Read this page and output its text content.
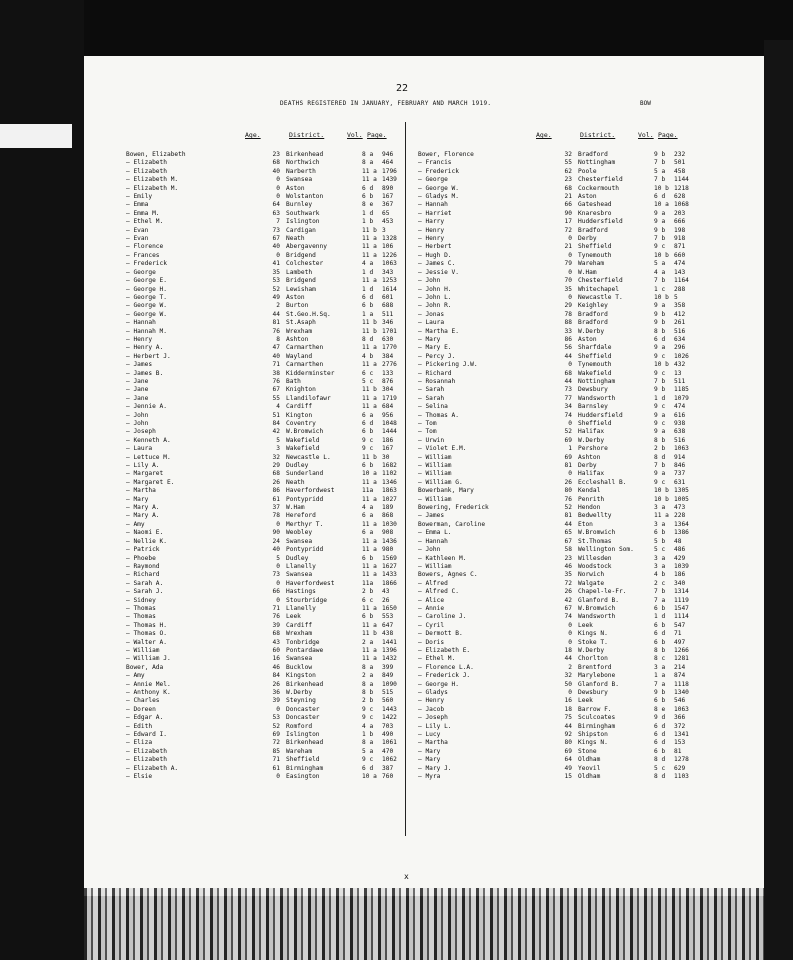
22
DEATHS REGISTERED IN JANUARY, FEBRUARY AND MARCH 1919.	BOW
Age.	District.	Vol. Page.	Age.	District.	Vol. Page.
Bowen, Elizabeth	23 Birkenhead	8 a	946
— Elizabeth	68 Northwich	8 a	464
— Elizabeth	40 Narberth	11 a 1796
— Elizabeth M.	0 Swansea	11 a 1439
— Elizabeth M.	0 Aston	6 d	890
— Emily	0 Wolstanton	6 b	167
— Emma	64 Burnley	8 e	367
— Emma M.	63 Southwark	1 d	65
— Ethel M.	7 Islington	1 b	453
— Evan	73 Cardigan	11 b 3
— Evan	67 Neath	11 a 1328
— Florence	40 Abergavenny	11 a 106
— Frances	0 Bridgend	11 a 1226
— Frederick	41 Colchester	4 a	1063
— George	35 Lambeth	1 d	343
— George E.	53 Bridgend	11 a 1253
— George H.	52 Lewisham	1 d	1614
— George T.	49 Aston	6 d	601
— George W.	2 Burton	6 b	688
— George W.	44 St.Geo.H.Sq.	1 a	511
— Hannah	81 St.Asaph	11 b 346
— Hannah M.	76 Wrexham	11 b 1701
— Henry	8 Ashton	8 d	630
— Henry A.	47 Carmarthen	11 a 1770
— Herbert J.	40 Wayland	4 b	384
— James	71 Carmarthen	11 a 2776
— James B.	38 Kidderminster	6 c	133
— Jane	76 Bath	5 c	876
— Jane	67 Knighton	11 b 304
— Jane	55 Llandilofawr	11 a 1719
— Jennie A.	4 Cardiff	11 a 684
— John	51 Kington	6 a	956
— John	84 Coventry	6 d	1048
— Joseph	42 W.Bromwich	6 b	1444
— Kenneth A.	5 Wakefield	9 c	186
— Laura	3 Wakefield	9 c	167
— Lettuce M.	32 Newcastle L.	11 b 30
— Lily A.	29 Dudley	6 b	1682
— Margaret	68 Sunderland	10 a 1102
— Margaret E.	26 Neath	11 a 1346
— Martha	86 Haverfordwest	11a	1863
— Mary	61 Pontypridd	11 a 1027
— Mary A.	37 W.Ham	4 a	189
— Mary A.	78 Hereford	6 a	868
— Amy	0 Merthyr T.	11 a 1030
— Naomi E.	90 Weobley	6 a	908
— Nellie K.	24 Swansea	11 a 1436
— Patrick	40 Pontypridd	11 a 980
— Phoebe	5 Dudley	6 b	1569
— Raymond	0 Llanelly	11 a 1627
— Richard	73 Swansea	11 a 1433
— Sarah A.	0 Haverfordwest	11a	1866
— Sarah J.	66 Hastings	2 b	43
— Sidney	0 Stourbridge	6 c	26
— Thomas	71 Llanelly	11 a 1650
— Thomas	76 Leek	6 b	553
— Thomas H.	39 Cardiff	11 a 647
— Thomas O.	68 Wrexham	11 b 438
— Walter A.	43 Tonbridge	2 a	1441
— William	60 Pontardawe	11 a 1396
— William J.	16 Swansea	11 a 1432
Bower, Ada	46 Bucklow	8 a	399
— Amy	84 Kingston	2 a	849
— Annie Mel.	26 Birkenhead	8 a	1090
— Anthony K.	36 W.Derby	8 b	515
— Charles	39 Steyning	2 b	560
— Doreen	0 Doncaster	9 c	1443
— Edgar A.	53 Doncaster	9 c	1422
— Edith	52 Romford	4 a	703
— Edward I.	69 Islington	1 b	490
— Eliza	72 Birkenhead	8 a	1061
— Elizabeth	85 Wareham	5 a	470
— Elizabeth	71 Sheffield	9 c	1062
— Elizabeth A.	61 Birmingham	6 d	387
— Elsie	0 Easington	10 a 760
Bower, Florence	32 Bradford	9 b	232
— Francis	55 Nottingham	7 b	501
— Frederick	62 Poole	5 a	458
— George	23 Chesterfield	7 b	1144
— George W.	68 Cockermouth	10 b 1218
— Gladys M.	21 Aston	6 d	628
— Hannah	66 Gateshead	10 a 1068
— Harriet	90 Knaresbro	9 a	203
— Harry	17 Huddersfield	9 a	666
— Henry	72 Bradford	9 b	198
— Henry	0 Derby	7 b	918
— Herbert	21 Sheffield	9 c	871
— Hugh D.	0 Tynemouth	10 b 660
— James C.	79 Wareham	5 a	474
— Jessie V.	0 W.Ham	4 a	143
— John	70 Chesterfield	7 b	1164
— John H.	35 Whitechapel	1 c	288
— John L.	0 Newcastle T.	10 b 5
— John R.	29 Keighley	9 a	358
— Jonas	78 Bradford	9 b	412
— Laura	88 Bradford	9 b	261
— Martha E.	33 W.Derby	8 b	516
— Mary	86 Aston	6 d	634
— Mary E.	56 Sharfdale	9 a	296
— Percy J.	44 Sheffield	9 c	1026
— Pickering J.W.	0 Tynemouth	10 b 432
— Richard	68 Wakefield	9 c	13
— Rosannah	44 Nottingham	7 b	511
— Sarah	73 Dewsbury	9 b	1185
— Sarah	77 Wandsworth	1 d	1079
— Selina	34 Barnsley	9 c	474
— Thomas A.	74 Huddersfield	9 a	616
— Tom	0 Sheffield	9 c	938
— Tom	52 Halifax	9 a	638
— Urwin	69 W.Derby	8 b	516
— Violet E.M.	1 Pershore	2 b	1063
— William	69 Ashton	8 d	914
— William	81 Derby	7 b	846
— William	0 Halifax	9 a	737
— William G.	26 Eccleshall B.	9 c	631
Bowerbank, Mary	80 Kendal	10 b 1305
— William	76 Penrith	10 b 1005
Bowering, Frederick	52 Hendon	3 a	473
— James	81 Bedwellty	11 a 228
Bowerman, Caroline	44 Eton	3 a	1364
— Emma L.	65 W.Bromwich	6 b	1386
— Hannah	67 St.Thomas	5 b	48
— John	58 Wellington Som.	5 c	486
— Kathleen M.	23 Willesden	3 a	429
— William	46 Woodstock	3 a	1039
Bowers, Agnes C.	35 Norwich	4 b	186
— Alfred	72 Walgate	2 c	340
— Alfred C.	26 Chapel-le-Fr.	7 b	1314
— Alice	42 Glanford B.	7 a	1119
— Annie	67 W.Bromwich	6 b	1547
— Caroline J.	74 Wandsworth	1 d	1114
— Cyril	0 Leek	6 b	547
— Dermott B.	0 Kings N.	6 d	71
— Doris	0 Stoke T.	6 b	497
— Elizabeth E.	18 W.Derby	8 b	1266
— Ethel M.	44 Chorlton	8 c	1281
— Florence L.A.	2 Brentford	3 a	214
— Frederick J.	32 Marylebone	1 a	874
— George H.	50 Glanford B.	7 a	1118
— Gladys	0 Dewsbury	9 b	1340
— Henry	16 Leek	6 b	546
— Jacob	18 Barrow F.	8 e	1063
— Joseph	75 Sculcoates	9 d	366
— Lily L.	44 Birmingham	6 d	372
— Lucy	92 Shipston	6 d	1341
— Martha	80 Kings N.	6 d	153
— Mary	69 Stone	6 b	81
— Mary	64 Oldham	8 d	1278
— Mary J.	49 Yeovil	5 c	629
— Myra	15 Oldham	8 d	1103
x
